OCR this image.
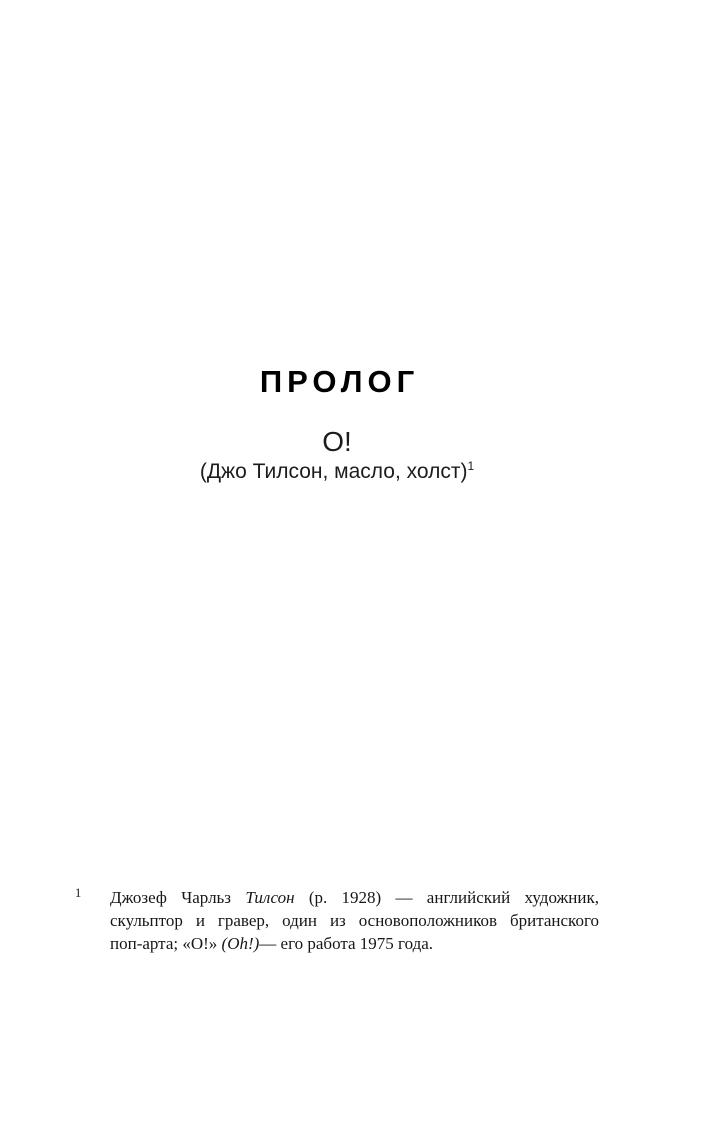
ПРОЛОГ
О!
(Джо Тилсон, масло, холст)$^1$
1 Джозеф Чарльз Тилсон (р. 1928) — английский художник,
скульптор и гравер, один из основоположников британского
поп-арта; «О!» (Oh!)— его работа 1975 года.
